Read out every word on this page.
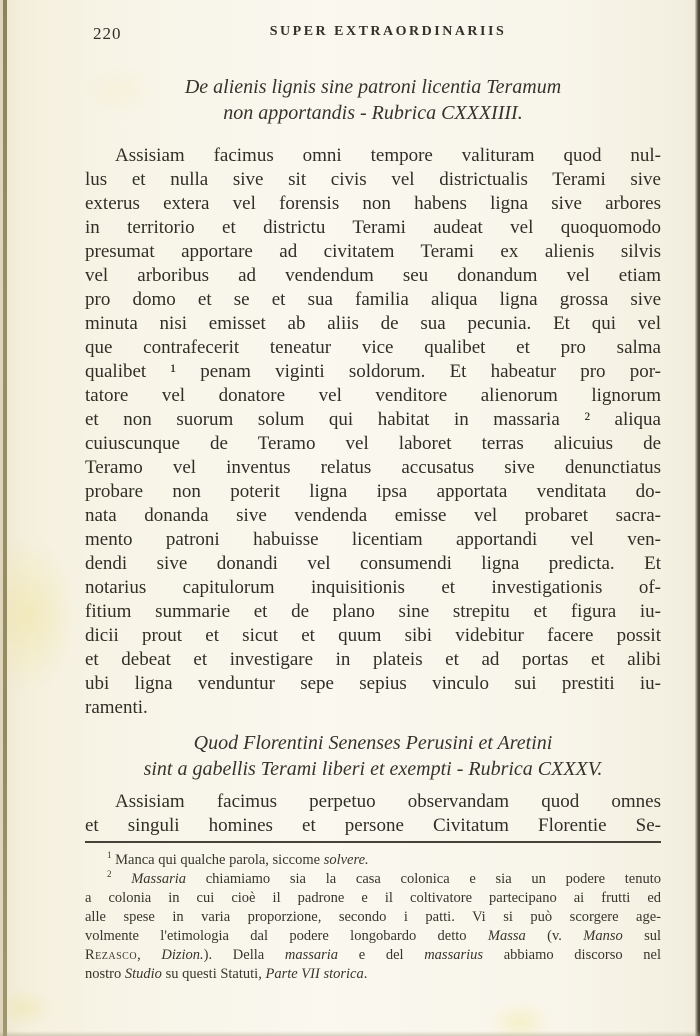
220	SUPER EXTRAORDINARIIS
De alienis lignis sine patroni licentia Teramum
non apportandis - Rubrica CXXXIIII.
Assisiam facimus omni tempore valituram quod nul-
lus et nulla sive sit civis vel districtualis Terami sive
exterus extera vel forensis non habens ligna sive arbores
in territorio et districtu Terami audeat vel quoquomodo
presumat apportare ad civitatem Terami ex alienis silvis
vel arboribus ad vendendum seu donandum vel etiam
pro domo et se et sua familia aliqua ligna grossa sive
minuta nisi emisset ab aliis de sua pecunia. Et qui vel
que contrafecerit teneatur vice qualibet et pro salma
qualibet ¹ penam viginti soldorum. Et habeatur pro por-
tatore vel donatore vel venditore alienorum lignorum
et non suorum solum qui habitat in massaria ² aliqua
cuiuscunque de Teramo vel laboret terras alicuius de
Teramo vel inventus relatus accusatus sive denunctiatus
probare non poterit ligna ipsa apportata venditata do-
nata donanda sive vendenda emisse vel probaret sacra-
mento patroni habuisse licentiam apportandi vel ven-
dendi sive donandi vel consumendi ligna predicta. Et
notarius capitulorum inquisitionis et investigationis of-
fitium summarie et de plano sine strepitu et figura iu-
dicii prout et sicut et quum sibi videbitur facere possit
et debeat et investigare in plateis et ad portas et alibi
ubi ligna venduntur sepe sepius vinculo sui prestiti iu-
ramenti.
Quod Florentini Senenses Perusini et Aretini
sint a gabellis Terami liberi et exempti - Rubrica CXXXV.
Assisiam facimus perpetuo observandam quod omnes
et singuli homines et persone Civitatum Florentie Se-
$^1$ Manca qui qualche parola, siccome solvere.
$^2$ Massaria chiamiamo sia la casa colonica e sia un podere tenuto
a colonia in cui cioè il padrone e il coltivatore partecipano ai frutti ed
alle spese in varia proporzione, secondo i patti. Vi si può scorgere age-
volmente l'etimologia dal podere longobardo detto Massa (v. Manso sul
Rezasco, Dizion.). Della massaria e del massarius abbiamo discorso nel
nostro Studio su questi Statuti, Parte VII storica.
